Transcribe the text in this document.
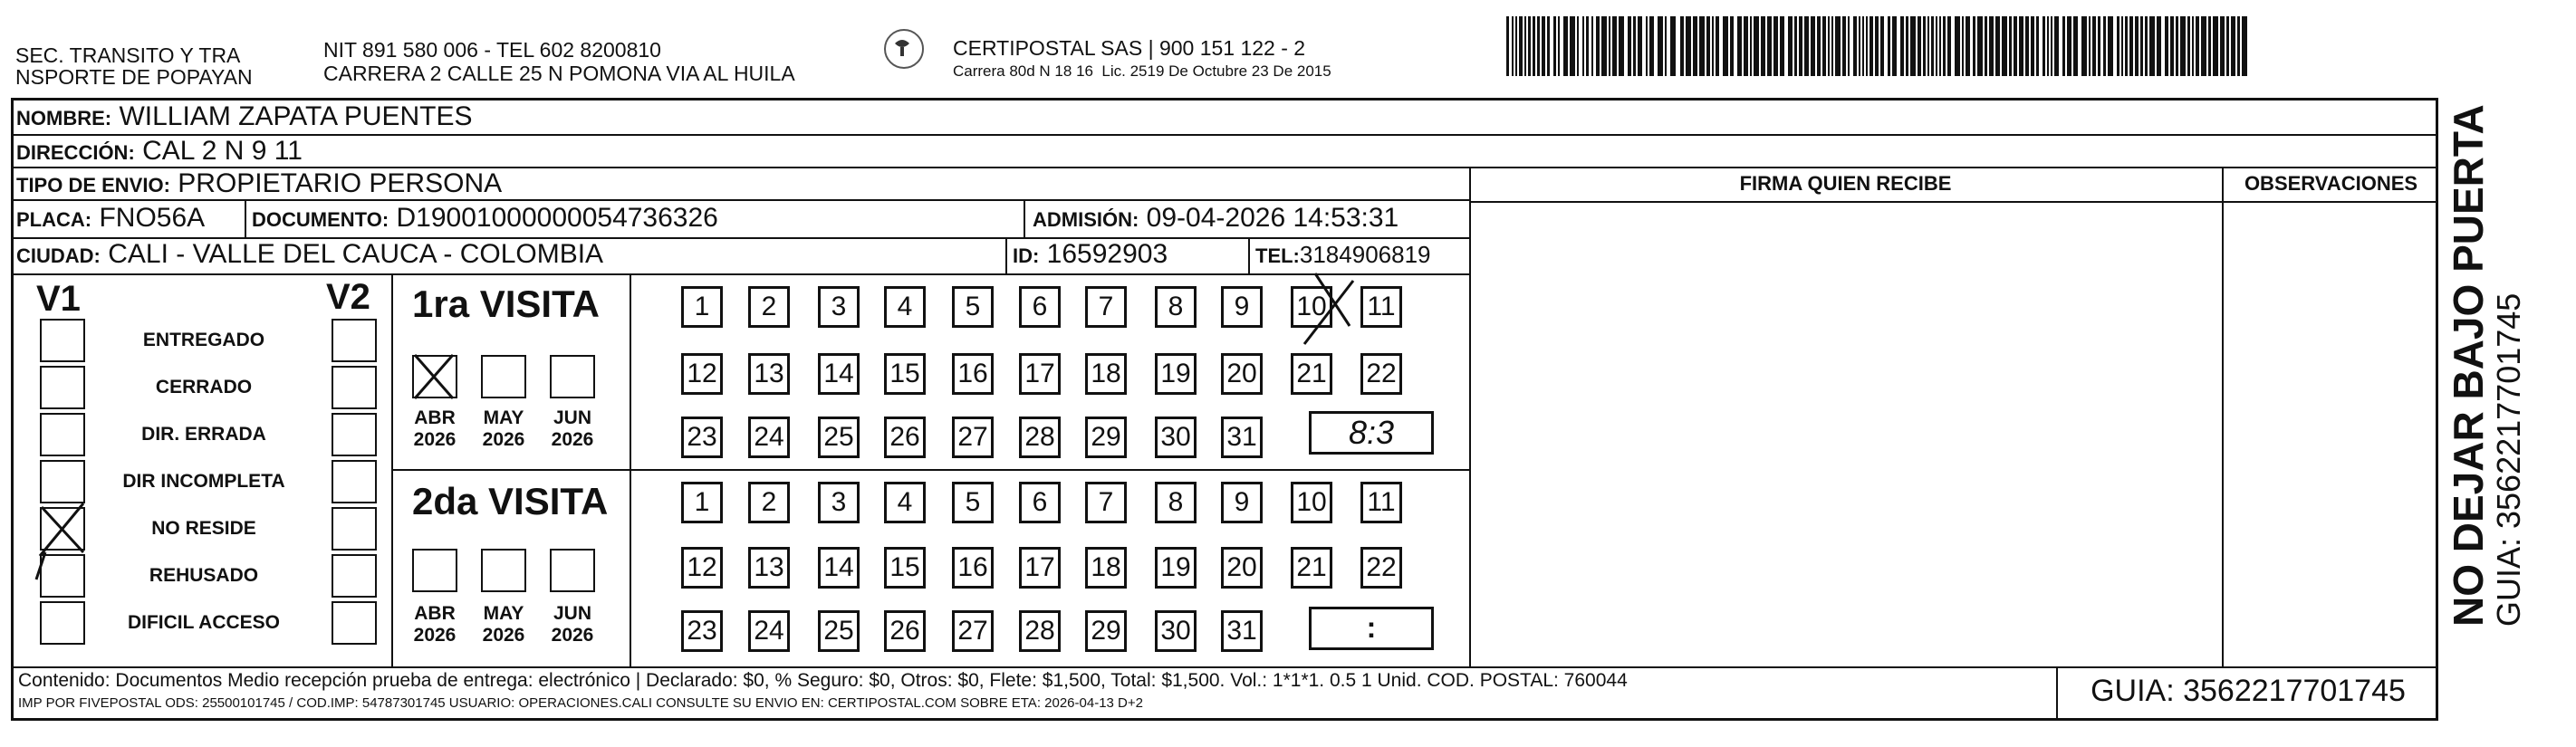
SEC. TRANSITO Y TRA
NSPORTE DE POPAYAN
NIT 891 580 006 - TEL 602 8200810
CARRERA 2 CALLE 25 N POMONA VIA AL HUILA
CERTIPOSTAL SAS | 900 151 122 - 2
Carrera 80d N 18 16  Lic. 2519 De Octubre 23 De 2015
NOMBRE: WILLIAM ZAPATA PUENTES
DIRECCIÓN: CAL 2 N 9 11
TIPO DE ENVIO: PROPIETARIO PERSONA
PLACA: FNO56A DOCUMENTO: D19001000000054736326	ADMISIÓN: 09-04-2026 14:53:31
CIUDAD: CALI - VALLE DEL CAUCA - COLOMBIA	ID: 16592903	TEL:3184906819
FIRMA QUIEN RECIBE	OBSERVACIONES
V1	V2
ENTREGADO
CERRADO
DIR. ERRADA
DIR INCOMPLETA
NO RESIDE
REHUSADO
DIFICIL ACCESO
1ra VISITA
2da VISITA
ABR
2026
MAY
2026
JUN
2026
ABR
2026
MAY
2026
JUN
2026
1	2	3	4	5	6	7	8	9	10 11
12 13 14 15 16 17 18 19 20 21 22
23 24 25 26 27 28 29 30 31
1	2	3	4	5	6	7	8	9	10 11
12 13 14 15 16 17 18 19 20 21 22
23 24 25 26 27 28 29 30 31
8:3
:
Contenido: Documentos Medio recepción prueba de entrega: electrónico | Declarado: $0, % Seguro: $0, Otros: $0, Flete: $1,500, Total: $1,500. Vol.: 1*1*1. 0.5 1 Unid. COD. POSTAL: 760044
IMP POR FIVEPOSTAL ODS: 25500101745 / COD.IMP: 54787301745 USUARIO: OPERACIONES.CALI CONSULTE SU ENVIO EN: CERTIPOSTAL.COM SOBRE ETA: 2026-04-13 D+2	GUIA: 3562217701745
NO DEJAR BAJO PUERTA
GUIA: 3562217701745
